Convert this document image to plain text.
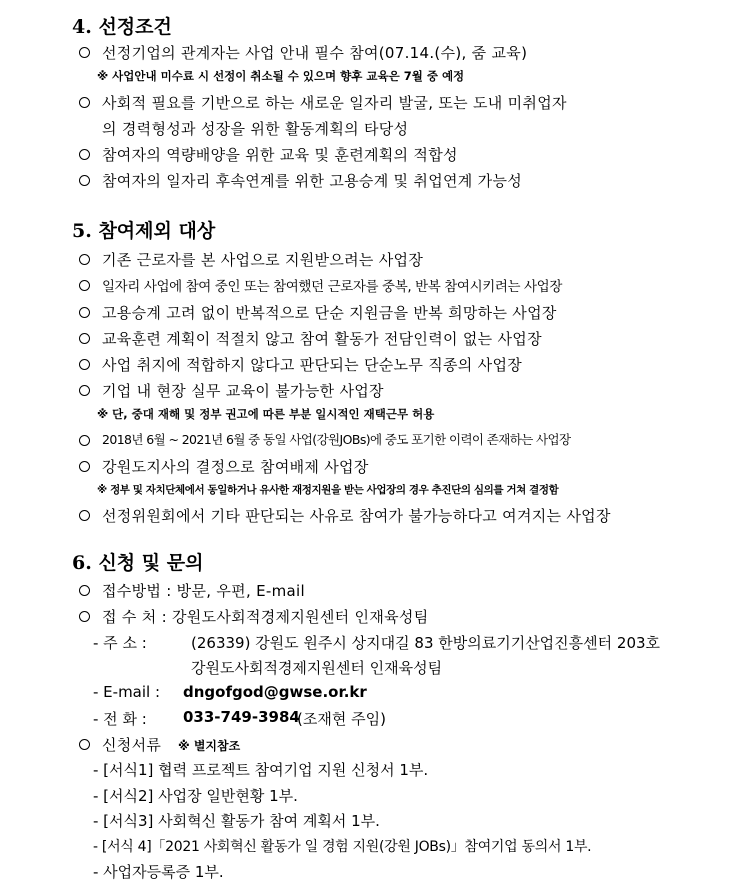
4. 선정조건
선정기업의 관계자는 사업 안내 필수 참여(07.14.(수), 줌 교육)
※ 사업안내 미수료 시 선정이 취소될 수 있으며 향후 교육은 7월 중 예정
사회적 필요를 기반으로 하는 새로운 일자리 발굴, 또는 도내 미취업자
의 경력형성과 성장을 위한 활동계획의 타당성
참여자의 역량배양을 위한 교육 및 훈련계획의 적합성
참여자의 일자리 후속연계를 위한 고용승계 및 취업연계 가능성
5. 참여제외 대상
기존 근로자를 본 사업으로 지원받으려는 사업장
일자리 사업에 참여 중인 또는 참여했던 근로자를 중복, 반복 참여시키려는 사업장
고용승계 고려 없이 반복적으로 단순 지원금을 반복 희망하는 사업장
교육훈련 계획이 적절치 않고 참여 활동가 전담인력이 없는 사업장
사업 취지에 적합하지 않다고 판단되는 단순노무 직종의 사업장
기업 내 현장 실무 교육이 불가능한 사업장
※ 단, 중대 재해 및 정부 권고에 따른 부분 일시적인 재택근무 허용
2018년 6월 ~ 2021년 6월 중 동일 사업(강원JOBs)에 중도 포기한 이력이 존재하는 사업장
강원도지사의 결정으로 참여배제 사업장
※ 정부 및 자치단체에서 동일하거나 유사한 재정지원을 받는 사업장의 경우 추진단의 심의를 거쳐 결정함
선정위원회에서 기타 판단되는 사유로 참여가 불가능하다고 여겨지는 사업장
6. 신청 및 문의
접수방법 : 방문, 우편, E-mail
접 수 처 : 강원도사회적경제지원센터 인재육성팀
- 주 소 :	(26339) 강원도 원주시 상지대길 83 한방의료기기산업진흥센터 203호
강원도사회적경제지원센터 인재육성팀
- E-mail : dngofgod@gwse.or.kr
- 전 화 : 033-749-3984
(조재현 주임)
신청서류 ※ 별지참조
- [서식1] 협력 프로젝트 참여기업 지원 신청서 1부.
- [서식2] 사업장 일반현황 1부.
- [서식3] 사회혁신 활동가 참여 계획서 1부.
- [서식 4]「2021 사회혁신 활동가 일 경험 지원(강원 JOBs)」참여기업 동의서 1부.
- 사업자등록증 1부.
